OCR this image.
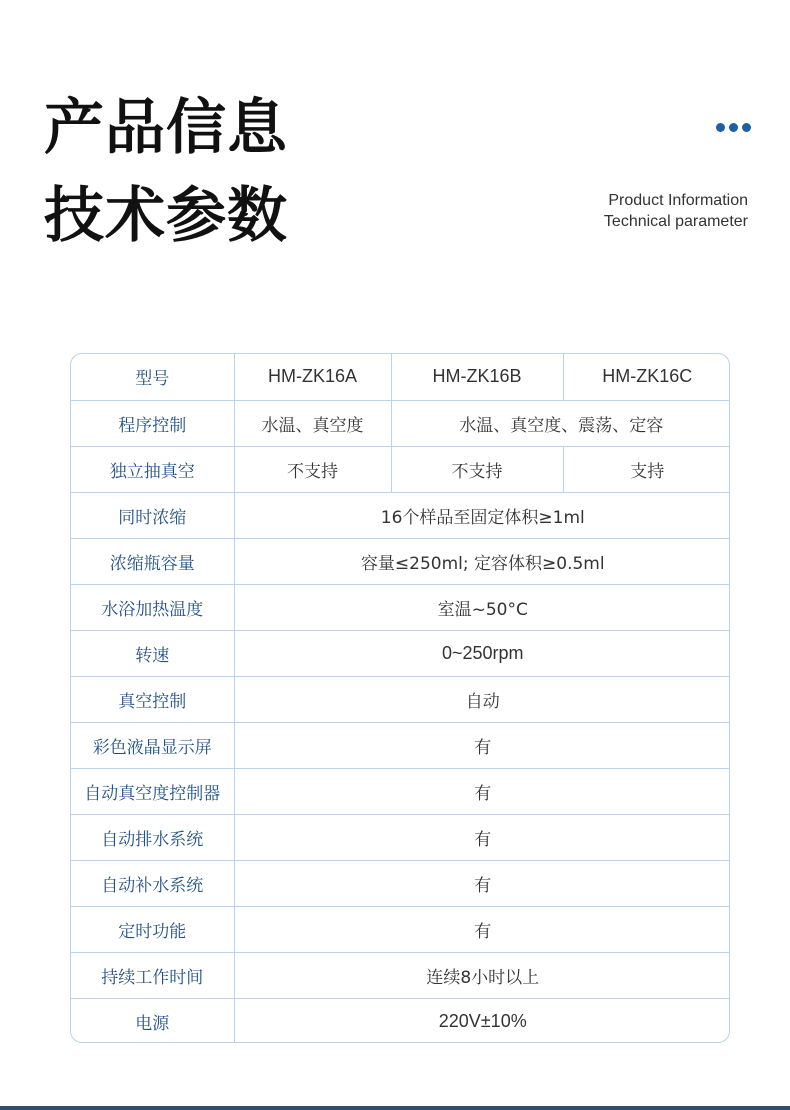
产品信息
技术参数	Product Information
Technical parameter
型号	HM-ZK16A	HM-ZK16B	HM-ZK16C
程序控制	水温、真空度	水温、真空度、震荡、定容	
独立抽真空	不支持	不支持	支持
同时浓缩	16个样品至固定体积≥1ml		
浓缩瓶容量	容量≤250ml; 定容体积≥0.5ml		
水浴加热温度	室温~50°C		
转速	0~250rpm		
真空控制	自动		
彩色液晶显示屏	有		
自动真空度控制器	有		
自动排水系统	有		
自动补水系统	有		
定时功能	有		
持续工作时间	连续8小时以上		
电源	220V±10%		
